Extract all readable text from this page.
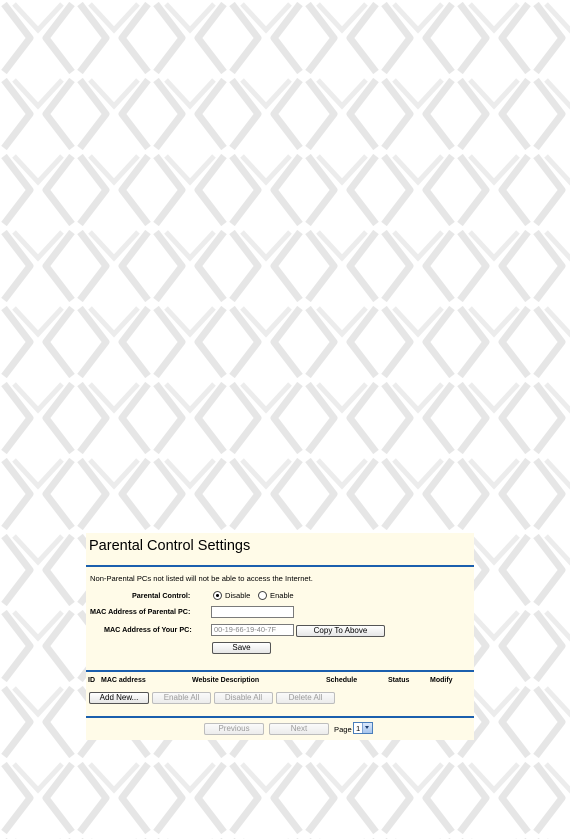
Parental Control Settings
Non-Parental PCs not listed will not be able to access the Internet.
Parental Control:	Disable	Enable
MAC Address of Parental PC:
MAC Address of Your PC:	00-19-66-19-40-7F	Copy To Above
Save
ID MAC address	Website Description	Schedule	Status	Modify
Add New...	Enable All	Disable All	Delete All
Previous	Next	Page 1
